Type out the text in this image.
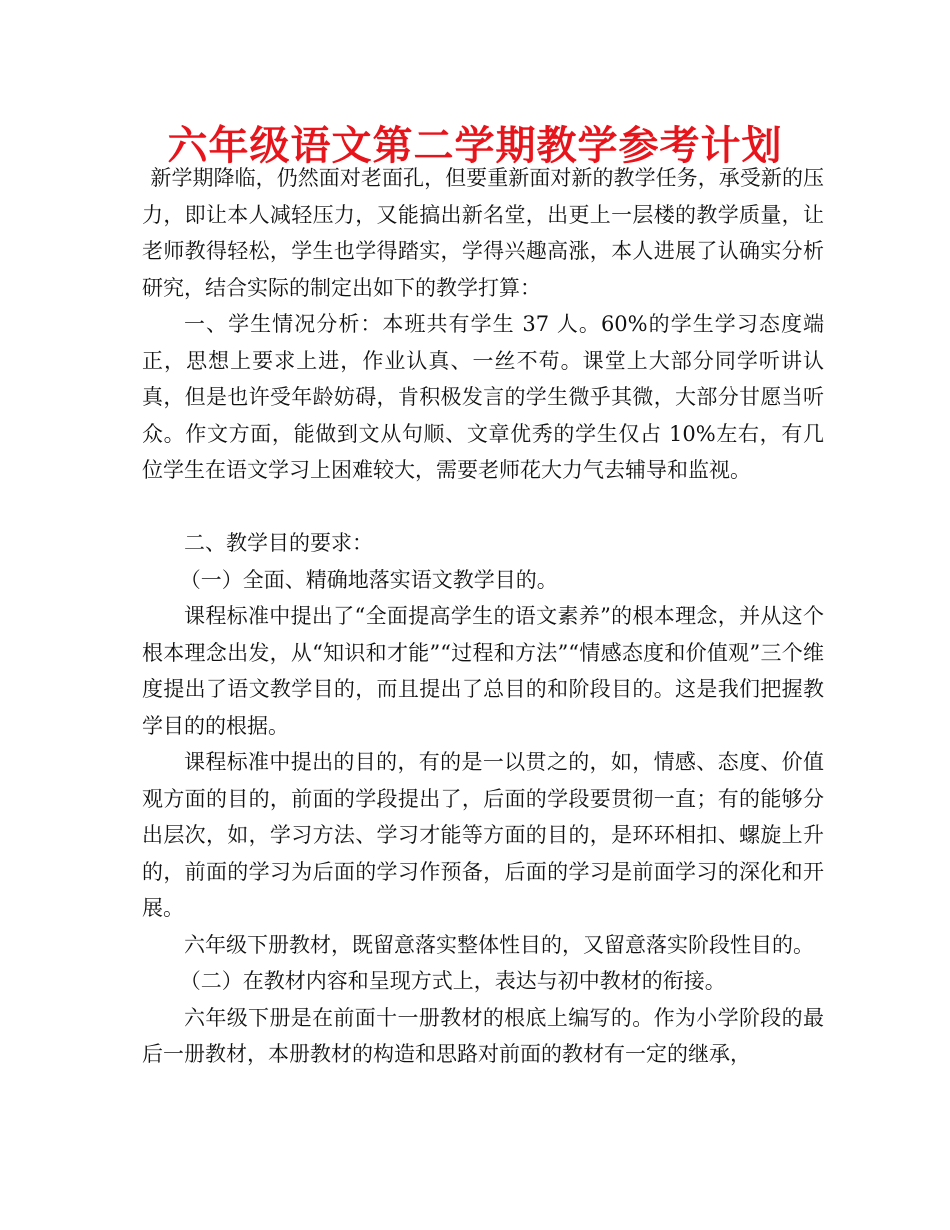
六年级语文第二学期教学参考计划

新学期降临，仍然面对老面孔，但要重新面对新的教学任务，承受新的压力，即让本人减轻压力，又能搞出新名堂，出更上一层楼的教学质量，让老师教得轻松，学生也学得踏实，学得兴趣高涨，本人进展了认确实分析研究，结合实际的制定出如下的教学打算：

一、学生情况分析：本班共有学生 37 人。60%的学生学习态度端正，思想上要求上进，作业认真、一丝不苟。课堂上大部分同学听讲认真，但是也许受年龄妨碍，肯积极发言的学生微乎其微，大部分甘愿当听众。作文方面，能做到文从句顺、文章优秀的学生仅占 10%左右，有几位学生在语文学习上困难较大，需要老师花大力气去辅导和监视。

二、教学目的要求：

（一）全面、精确地落实语文教学目的。

课程标准中提出了“全面提高学生的语文素养”的根本理念，并从这个根本理念出发，从“知识和才能”“过程和方法”“情感态度和价值观”三个维度提出了语文教学目的，而且提出了总目的和阶段目的。这是我们把握教学目的的根据。

课程标准中提出的目的，有的是一以贯之的，如，情感、态度、价值观方面的目的，前面的学段提出了，后面的学段要贯彻一直；有的能够分出层次，如，学习方法、学习才能等方面的目的，是环环相扣、螺旋上升的，前面的学习为后面的学习作预备，后面的学习是前面学习的深化和开展。

六年级下册教材，既留意落实整体性目的，又留意落实阶段性目的。

（二）在教材内容和呈现方式上，表达与初中教材的衔接。

六年级下册是在前面十一册教材的根底上编写的。作为小学阶段的最后一册教材，本册教材的构造和思路对前面的教材有一定的继承，
